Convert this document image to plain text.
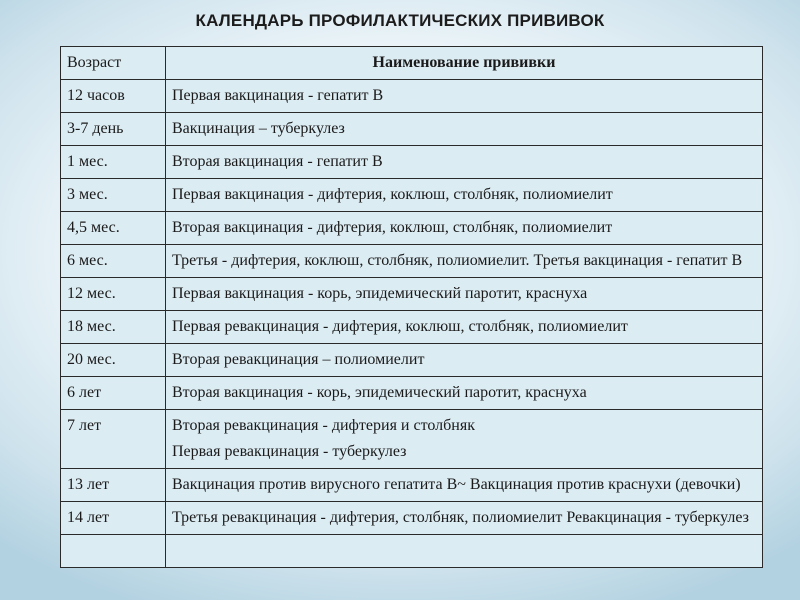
КАЛЕНДАРЬ ПРОФИЛАКТИЧЕСКИХ ПРИВИВОК
Возраст	Наименование прививки
12 часов	Первая вакцинация - гепатит В
3-7 день	Вакцинация – туберкулез
1 мес.	Вторая вакцинация - гепатит В
3 мес.	Первая вакцинация - дифтерия, коклюш, столбняк, полиомиелит
4,5 мес.	Вторая вакцинация - дифтерия, коклюш, столбняк, полиомиелит
6 мес.	Третья - дифтерия, коклюш, столбняк, полиомиелит. Третья вакцинация - гепатит В
12 мес.	Первая вакцинация - корь, эпидемический паротит, краснуха
18 мес.	Первая ревакцинация - дифтерия, коклюш, столбняк, полиомиелит
20 мес.	Вторая ревакцинация – полиомиелит
6 лет	Вторая вакцинация - корь, эпидемический паротит, краснуха
7 лет	Вторая ревакцинация - дифтерия и столбняк
Первая ревакцинация - туберкулез

13 лет	Вакцинация против вирусного гепатита В~ Вакцинация против краснухи (девочки)
14 лет	Третья ревакцинация - дифтерия, столбняк, полиомиелит Ревакцинация - туберкулез
